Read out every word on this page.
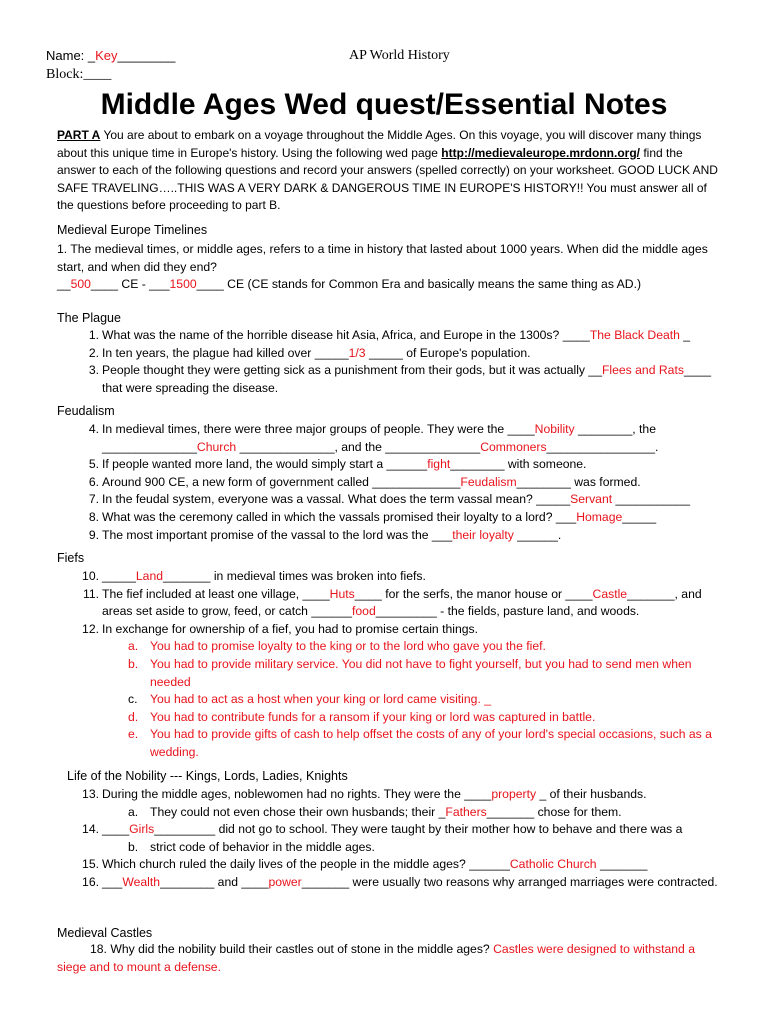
Name: _Key________	AP World History
Block:____
Middle Ages Wed quest/Essential Notes
PART A You are about to embark on a voyage throughout the Middle Ages. On this voyage, you will discover many things about this unique time in Europe's history. Using the following wed page http://medievaleurope.mrdonn.org/ find the answer to each of the following questions and record your answers (spelled correctly) on your worksheet. GOOD LUCK AND SAFE TRAVELING…..THIS WAS A VERY DARK & DANGEROUS TIME IN EUROPE'S HISTORY!! You must answer all of the questions before proceeding to part B.
Medieval Europe Timelines
1. The medieval times, or middle ages, refers to a time in history that lasted about 1000 years. When did the middle ages start, and when did they end?
__500____ CE - ___1500____ CE (CE stands for Common Era and basically means the same thing as AD.)
The Plague
1. What was the name of the horrible disease hit Asia, Africa, and Europe in the 1300s? ____The Black Death _
2. In ten years, the plague had killed over _____1/3 _____ of Europe's population.
3. People thought they were getting sick as a punishment from their gods, but it was actually __Flees and Rats____ that were spreading the disease.
Feudalism
4. In medieval times, there were three major groups of people. They were the ____Nobility ________, the ______________Church ______________, and the ______________Commoners________________.
5. If people wanted more land, the would simply start a ______fight________ with someone.
6. Around 900 CE, a new form of government called _____________Feudalism________ was formed.
7. In the feudal system, everyone was a vassal. What does the term vassal mean? _____Servant ___________
8. What was the ceremony called in which the vassals promised their loyalty to a lord? ___Homage_____
9. The most important promise of the vassal to the lord was the ___their loyalty ______.
Fiefs
10. _____Land_______ in medieval times was broken into fiefs.
11. The fief included at least one village, ____Huts____ for the serfs, the manor house or ____Castle_______, and areas set aside to grow, feed, or catch ______food_________ - the fields, pasture land, and woods.
12. In exchange for ownership of a fief, you had to promise certain things.
a. You had to promise loyalty to the king or to the lord who gave you the fief.
b. You had to provide military service. You did not have to fight yourself, but you had to send men when needed
c. You had to act as a host when your king or lord came visiting. _
d. You had to contribute funds for a ransom if your king or lord was captured in battle.
e. You had to provide gifts of cash to help offset the costs of any of your lord's special occasions, such as a wedding.
Life of the Nobility --- Kings, Lords, Ladies, Knights
13. During the middle ages, noblewomen had no rights. They were the ____property _ of their husbands.
a. They could not even chose their own husbands; their _Fathers_______ chose for them.
14. ____Girls_________ did not go to school. They were taught by their mother how to behave and there was a
b. strict code of behavior in the middle ages.
15. Which church ruled the daily lives of the people in the middle ages? ______Catholic Church _______
16. ___Wealth________ and ____power_______ were usually two reasons why arranged marriages were contracted.
Medieval Castles
18. Why did the nobility build their castles out of stone in the middle ages? Castles were designed to withstand a siege and to mount a defense.
